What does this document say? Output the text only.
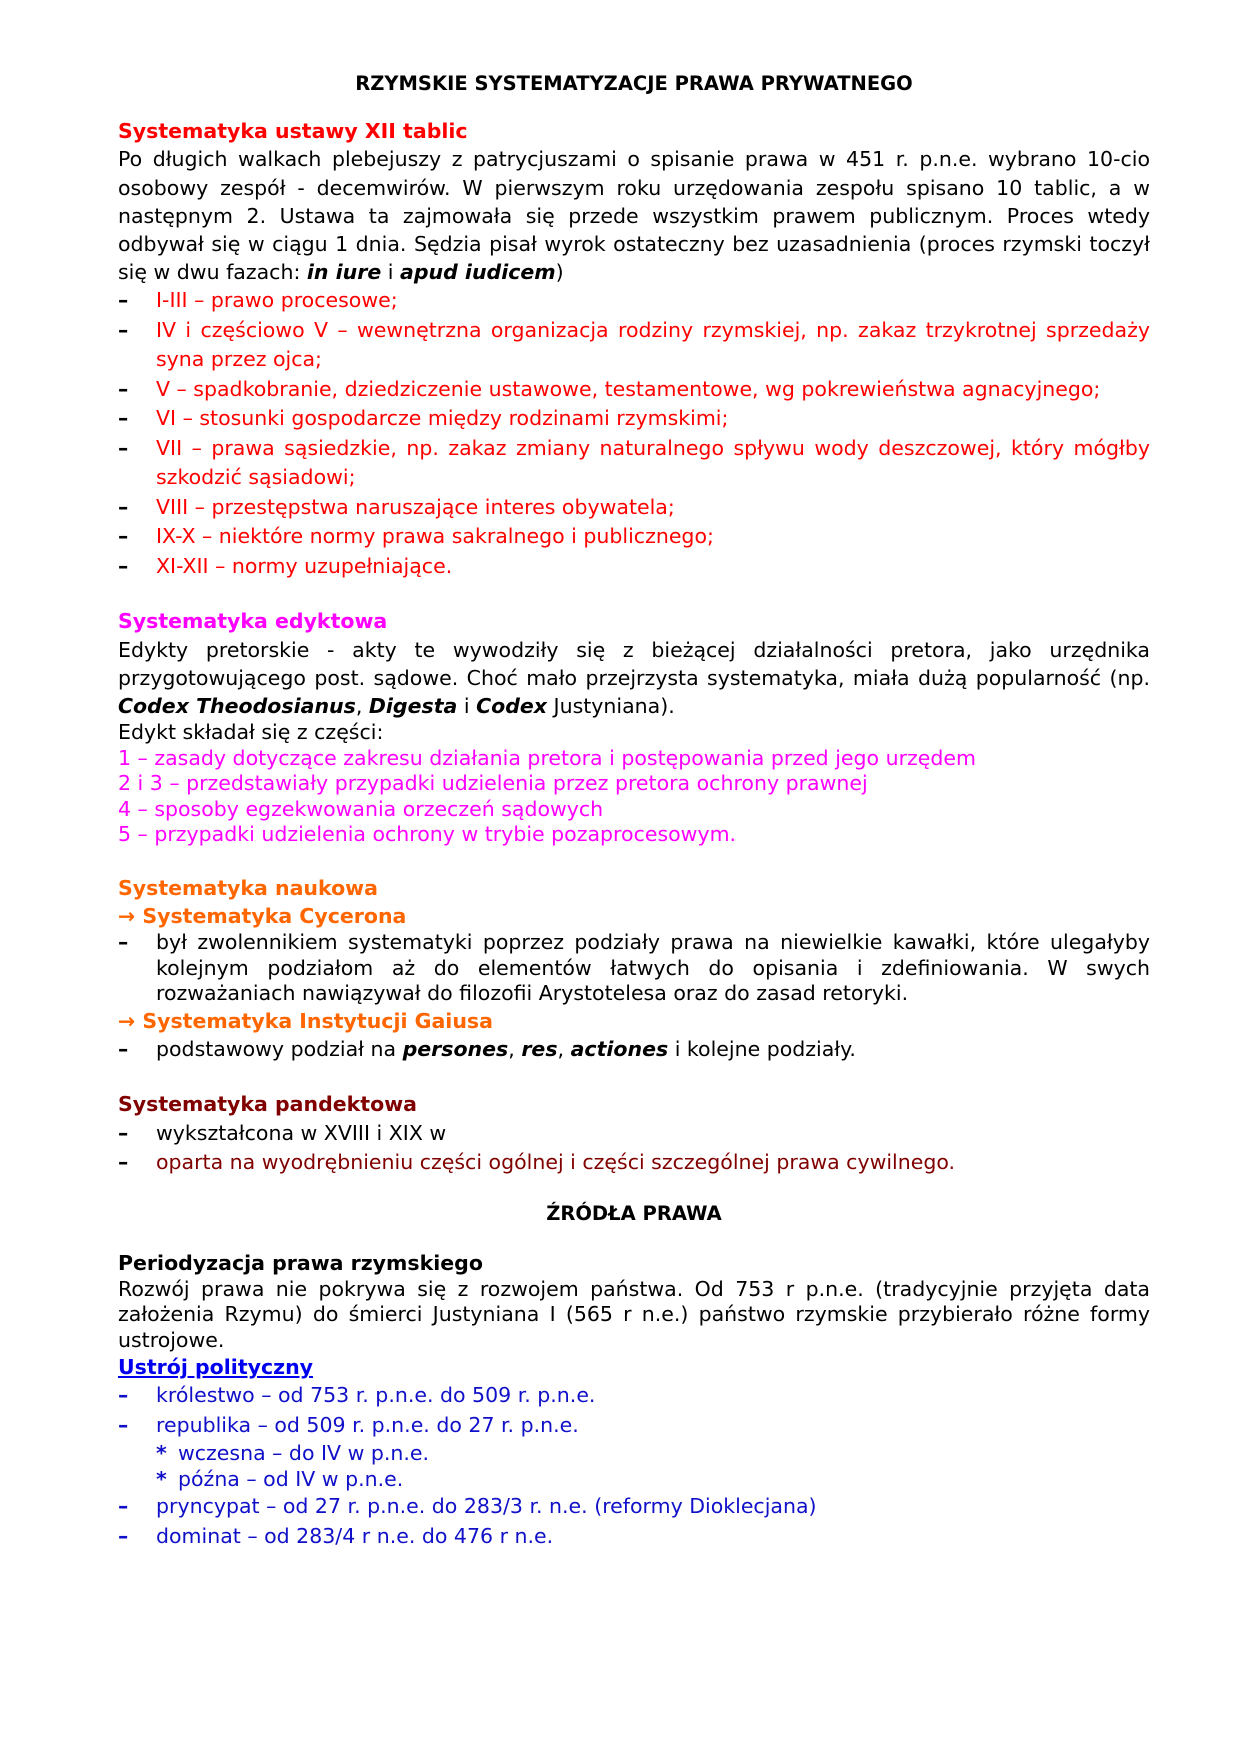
RZYMSKIE SYSTEMATYZACJE PRAWA PRYWATNEGO
Systematyka ustawy XII tablic

Po długich walkach plebejuszy z patrycjuszami o spisanie prawa w 451 r. p.n.e. wybrano 10-cio osobowy zespół - decemwirów. W pierwszym roku urzędowania zespołu spisano 10 tablic, a w następnym 2. Ustawa ta zajmowała się przede wszystkim prawem publicznym. Proces wtedy odbywał się w ciągu 1 dnia. Sędzia pisał wyrok ostateczny bez uzasadnienia (proces rzymski toczył się w dwu fazach: in iure i apud iudicem)

– I-III – prawo procesowe;
– IV i częściowo V – wewnętrzna organizacja rodziny rzymskiej, np. zakaz trzykrotnej sprzedaży syna przez ojca;
– V – spadkobranie, dziedziczenie ustawowe, testamentowe, wg pokrewieństwa agnacyjnego;
– VI – stosunki gospodarcze między rodzinami rzymskimi;
– VII – prawa sąsiedzkie, np. zakaz zmiany naturalnego spływu wody deszczowej, który mógłby szkodzić sąsiadowi;
– VIII – przestępstwa naruszające interes obywatela;
– IX-X – niektóre normy prawa sakralnego i publicznego;
– XI-XII – normy uzupełniające.
Systematyka edyktowa

Edykty pretorskie - akty te wywodziły się z bieżącej działalności pretora, jako urzędnika przygotowującego post. sądowe. Choć mało przejrzysta systematyka, miała dużą popularność (np. Codex Theodosianus, Digesta i Codex Justyniana).

Edykt składał się z części:

1 – zasady dotyczące zakresu działania pretora i postępowania przed jego urzędem

2 i 3 – przedstawiały przypadki udzielenia przez pretora ochrony prawnej

4 – sposoby egzekwowania orzeczeń sądowych

5 – przypadki udzielenia ochrony w trybie pozaprocesowym.

Systematyka naukowa
→ Systematyka Cycerona
– był zwolennikiem systematyki poprzez podziały prawa na niewielkie kawałki, które ulegałyby kolejnym podziałom aż do elementów łatwych do opisania i zdefiniowania. W swych rozważaniach nawiązywał do filozofii Arystotelesa oraz do zasad retoryki.
→ Systematyka Instytucji Gaiusa
– podstawowy podział na persones, res, actiones i kolejne podziały.
Systematyka pandektowa
– wykształcona w XVIII i XIX w
– oparta na wyodrębnieniu części ogólnej i części szczególnej prawa cywilnego.
ŹRÓDŁA PRAWA
Periodyzacja prawa rzymskiego

Rozwój prawa nie pokrywa się z rozwojem państwa. Od 753 r p.n.e. (tradycyjnie przyjęta data założenia Rzymu) do śmierci Justyniana I (565 r n.e.) państwo rzymskie przybierało różne formy ustrojowe.

Ustrój polityczny
– królestwo – od 753 r. p.n.e. do 509 r. p.n.e.
– republika – od 509 r. p.n.e. do 27 r. p.n.e.
* wczesna – do IV w p.n.e.
* późna – od IV w p.n.e.
– pryncypat – od 27 r. p.n.e. do 283/3 r. n.e. (reformy Dioklecjana)
– dominat – od 283/4 r n.e. do 476 r n.e.
